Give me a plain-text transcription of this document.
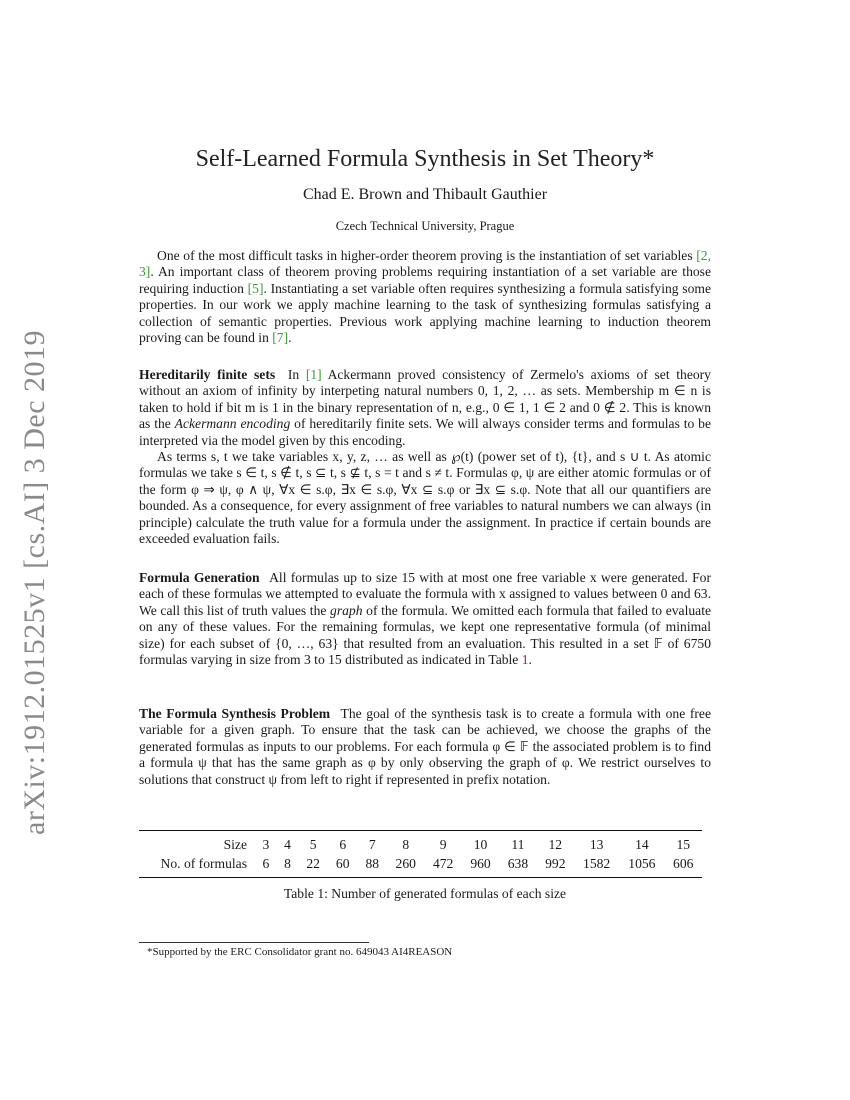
arXiv:1912.01525v1 [cs.AI] 3 Dec 2019
Self-Learned Formula Synthesis in Set Theory*
Chad E. Brown and Thibault Gauthier
Czech Technical University, Prague

One of the most difficult tasks in higher-order theorem proving is the instantiation of set variables [2, 3]. An important class of theorem proving problems requiring instantiation of a set variable are those requiring induction [5]. Instantiating a set variable often requires synthesizing a formula satisfying some properties. In our work we apply machine learning to the task of synthesizing formulas satisfying a collection of semantic properties. Previous work applying machine learning to induction theorem proving can be found in [7].

Hereditarily finite sets In [1] Ackermann proved consistency of Zermelo's axioms of set theory without an axiom of infinity by interpeting natural numbers 0, 1, 2, … as sets. Membership m ∈ n is taken to hold if bit m is 1 in the binary representation of n, e.g., 0 ∈ 1, 1 ∈ 2 and 0 ∉ 2. This is known as the Ackermann encoding of hereditarily finite sets. We will always consider terms and formulas to be interpreted via the model given by this encoding.

As terms s, t we take variables x, y, z, … as well as ℘(t) (power set of t), {t}, and s ∪ t. As atomic formulas we take s ∈ t, s ∉ t, s ⊆ t, s ⊈ t, s = t and s ≠ t. Formulas φ, ψ are either atomic formulas or of the form φ ⇒ ψ, φ ∧ ψ, ∀x ∈ s.φ, ∃x ∈ s.φ, ∀x ⊆ s.φ or ∃x ⊆ s.φ. Note that all our quantifiers are bounded. As a consequence, for every assignment of free variables to natural numbers we can always (in principle) calculate the truth value for a formula under the assignment. In practice if certain bounds are exceeded evaluation fails.

Formula Generation All formulas up to size 15 with at most one free variable x were generated. For each of these formulas we attempted to evaluate the formula with x assigned to values between 0 and 63. We call this list of truth values the graph of the formula. We omitted each formula that failed to evaluate on any of these values. For the remaining formulas, we kept one representative formula (of minimal size) for each subset of {0, …, 63} that resulted from an evaluation. This resulted in a set 𝔽 of 6750 formulas varying in size from 3 to 15 distributed as indicated in Table 1.

The Formula Synthesis Problem The goal of the synthesis task is to create a formula with one free variable for a given graph. To ensure that the task can be achieved, we choose the graphs of the generated formulas as inputs to our problems. For each formula φ ∈ 𝔽 the associated problem is to find a formula ψ that has the same graph as φ by only observing the graph of φ. We restrict ourselves to solutions that construct ψ from left to right if represented in prefix notation.

Size	3	4	5	6	7	8	9	10	11	12	13	14	15
No. of formulas	6	8	22	60	88	260	472	960	638	992	1582	1056	606
Table 1: Number of generated formulas of each size
*Supported by the ERC Consolidator grant no. 649043 AI4REASON
